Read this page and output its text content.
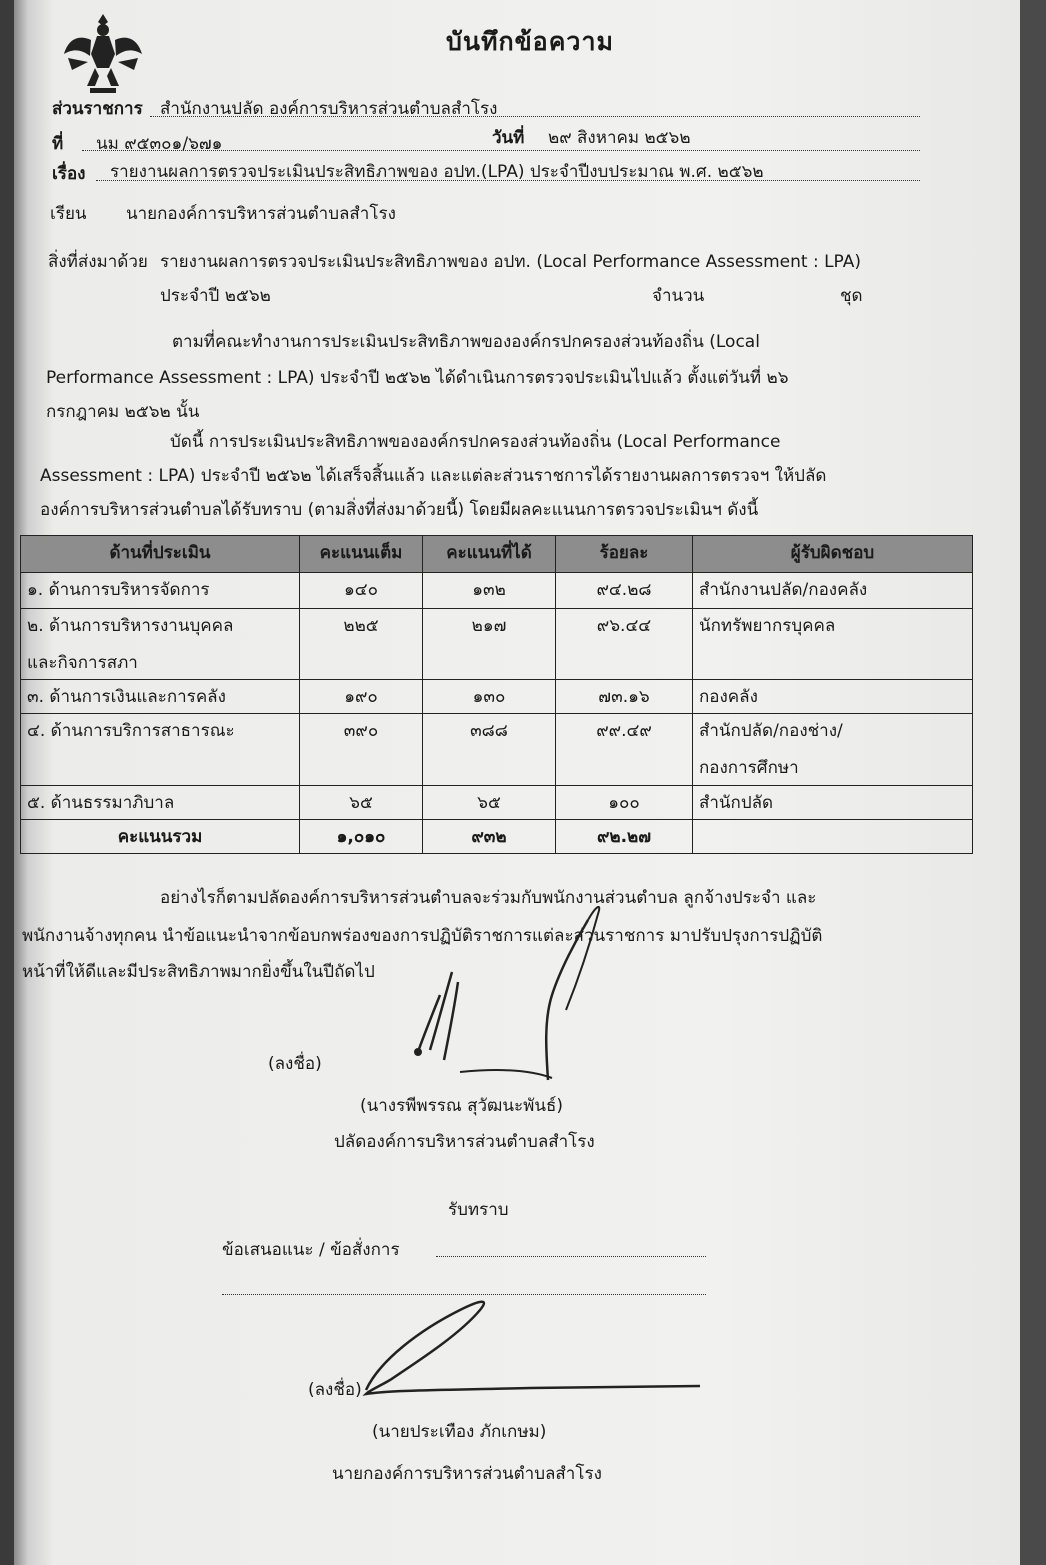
บันทึกข้อความ
ส่วนราชการ สำนักงานปลัด องค์การบริหารส่วนตำบลสำโรง
ที่ นม ๙๕๓๐๑/๖๗๑	วันที่ ๒๙ สิงหาคม ๒๕๖๒
เรื่อง รายงานผลการตรวจประเมินประสิทธิภาพของ อปท.(LPA) ประจำปีงบประมาณ พ.ศ. ๒๕๖๒
เรียน นายกองค์การบริหารส่วนตำบลสำโรง
สิ่งที่ส่งมาด้วย รายงานผลการตรวจประเมินประสิทธิภาพของ อปท. (Local Performance Assessment : LPA)
ประจำปี ๒๕๖๒	จำนวน	ชุด
ตามที่คณะทำงานการประเมินประสิทธิภาพขององค์กรปกครองส่วนท้องถิ่น (Local
Performance Assessment : LPA) ประจำปี ๒๕๖๒ ได้ดำเนินการตรวจประเมินไปแล้ว ตั้งแต่วันที่ ๒๖
กรกฎาคม ๒๕๖๒ นั้น
บัดนี้ การประเมินประสิทธิภาพขององค์กรปกครองส่วนท้องถิ่น (Local Performance
Assessment : LPA) ประจำปี ๒๕๖๒ ได้เสร็จสิ้นแล้ว และแต่ละส่วนราชการได้รายงานผลการตรวจฯ ให้ปลัด
องค์การบริหารส่วนตำบลได้รับทราบ (ตามสิ่งที่ส่งมาด้วยนี้) โดยมีผลคะแนนการตรวจประเมินฯ ดังนี้
ด้านที่ประเมิน	คะแนนเต็ม	คะแนนที่ได้	ร้อยละ	ผู้รับผิดชอบ
๑. ด้านการบริหารจัดการ	๑๔๐	๑๓๒	๙๔.๒๘	สำนักงานปลัด/กองคลัง

๒. ด้านการบริหารงานบุคคล
และกิจการสภา	๒๒๕	๒๑๗	๙๖.๔๔	นักทรัพยากรบุคคล
๓. ด้านการเงินและการคลัง	๑๙๐	๑๓๐	๗๓.๑๖	กองคลัง
๔. ด้านการบริการสาธารณะ	๓๙๐	๓๘๘	๙๙.๔๙	สำนักปลัด/กองช่าง/
กองการศึกษา

๕. ด้านธรรมาภิบาล	๖๕	๖๕	๑๐๐	สำนักปลัด
คะแนนรวม	๑,๐๑๐	๙๓๒	๙๒.๒๗	
อย่างไรก็ตามปลัดองค์การบริหารส่วนตำบลจะร่วมกับพนักงานส่วนตำบล ลูกจ้างประจำ และ
พนักงานจ้างทุกคน นำข้อแนะนำจากข้อบกพร่องของการปฏิบัติราชการแต่ละส่วนราชการ มาปรับปรุงการปฏิบัติ
หน้าที่ให้ดีและมีประสิทธิภาพมากยิ่งขึ้นในปีถัดไป
(ลงชื่อ)
(นางรพีพรรณ สุวัฒนะพันธ์)
ปลัดองค์การบริหารส่วนตำบลสำโรง
รับทราบ
ข้อเสนอแนะ / ข้อสั่งการ
(ลงชื่อ)
(นายประเทือง ภักเกษม)
นายกองค์การบริหารส่วนตำบลสำโรง
